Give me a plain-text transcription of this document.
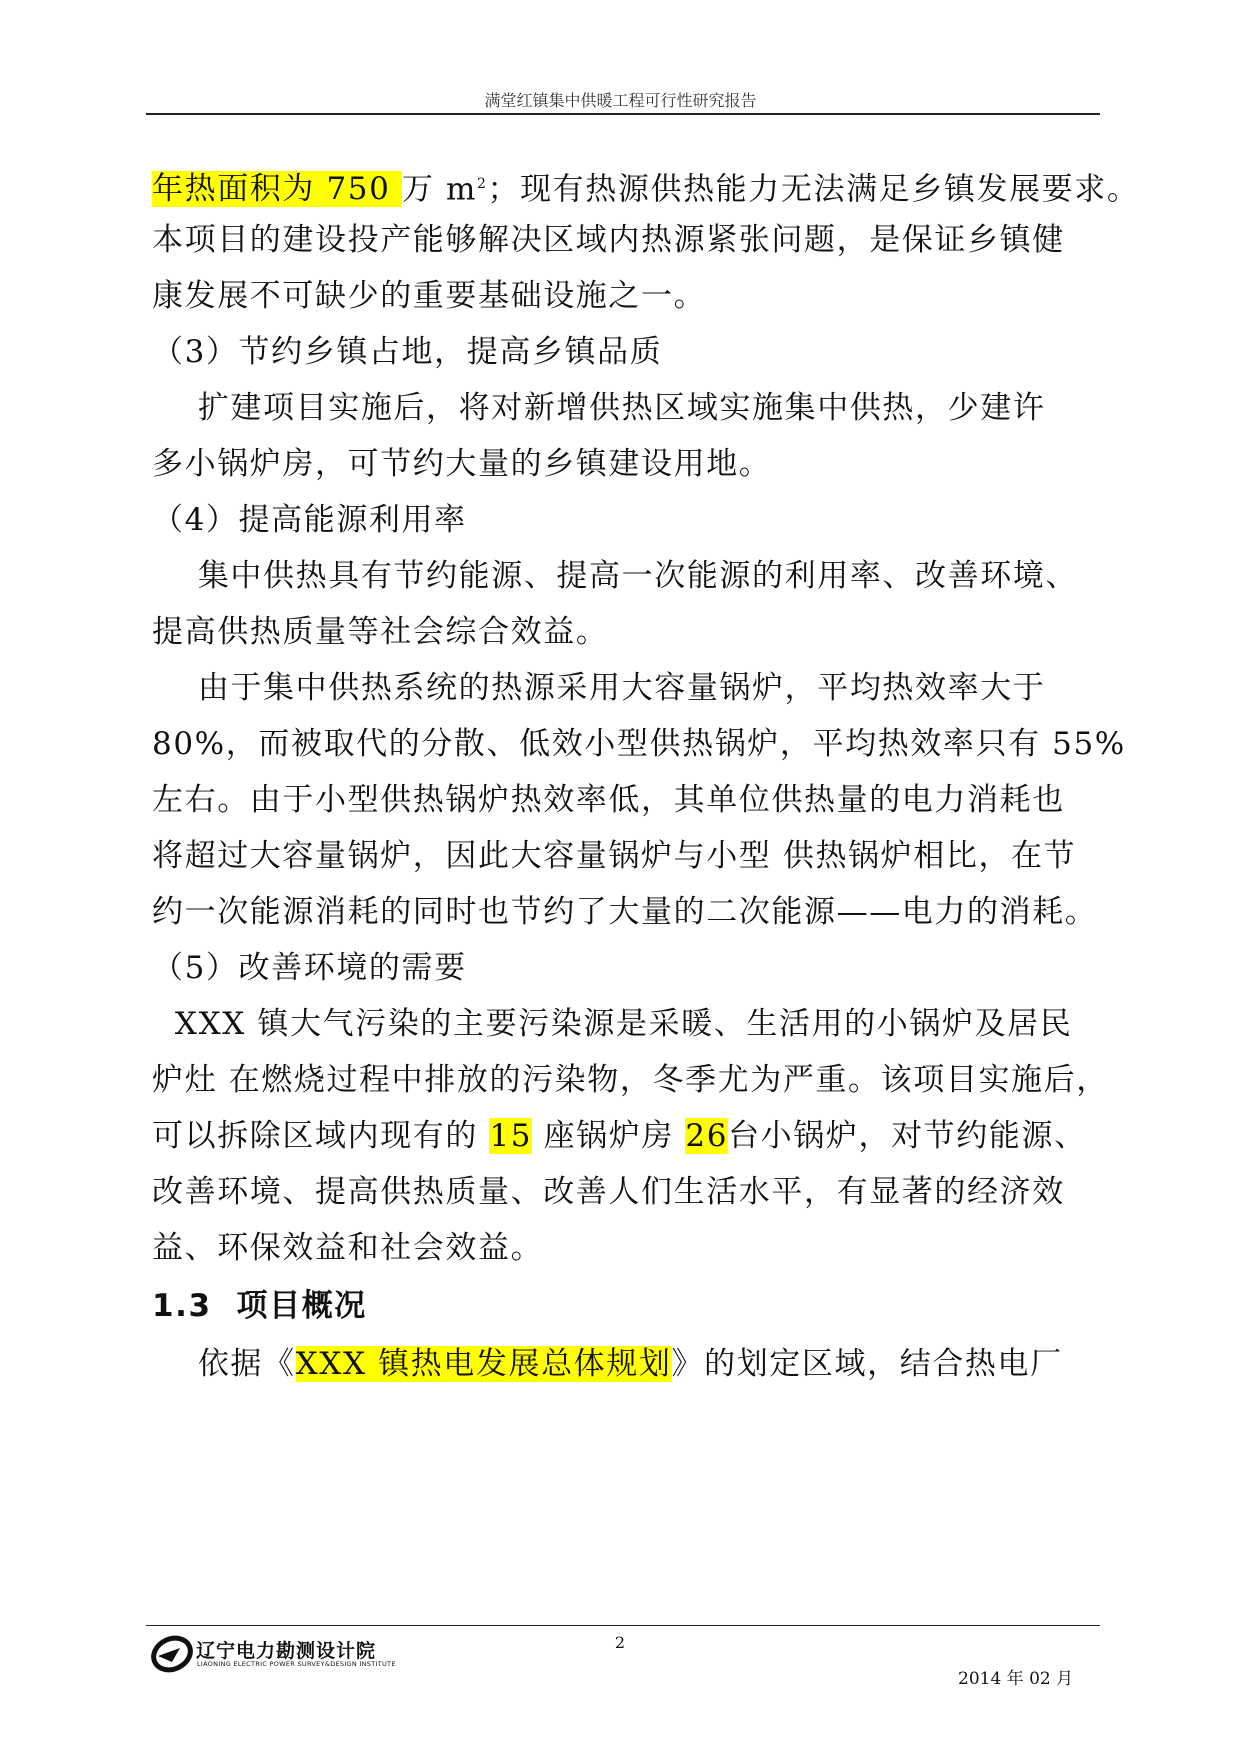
满堂红镇集中供暖工程可行性研究报告
年热面积为 750 万 $m^2$；现有热源供热能力无法满足乡镇发展要求。
本项目的建设投产能够解决区域内热源紧张问题，是保证乡镇健
康发展不可缺少的重要基础设施之一。
（3）节约乡镇占地，提高乡镇品质
扩建项目实施后，将对新增供热区域实施集中供热，少建许
多小锅炉房，可节约大量的乡镇建设用地。
（4）提高能源利用率
集中供热具有节约能源、提高一次能源的利用率、改善环境、
提高供热质量等社会综合效益。
由于集中供热系统的热源采用大容量锅炉，平均热效率大于
80%，而被取代的分散、低效小型供热锅炉，平均热效率只有 55%
左右。由于小型供热锅炉热效率低，其单位供热量的电力消耗也
将超过大容量锅炉，因此大容量锅炉与小型 供热锅炉相比，在节
约一次能源消耗的同时也节约了大量的二次能源——电力的消耗。
（5）改善环境的需要
XXX 镇大气污染的主要污染源是采暖、生活用的小锅炉及居民
炉灶 在燃烧过程中排放的污染物，冬季尤为严重。该项目实施后，
可以拆除区域内现有的 15 座锅炉房 26台小锅炉，对节约能源、
改善环境、提高供热质量、改善人们生活水平，有显著的经济效
益、环保效益和社会效益。
1.3  项目概况
依据《XXX 镇热电发展总体规划》的划定区域，结合热电厂
辽宁电力勘测设计院
LIAONING ELECTRIC POWER SURVEY&DESIGN INSTITUTE
2
2014 年 02 月
